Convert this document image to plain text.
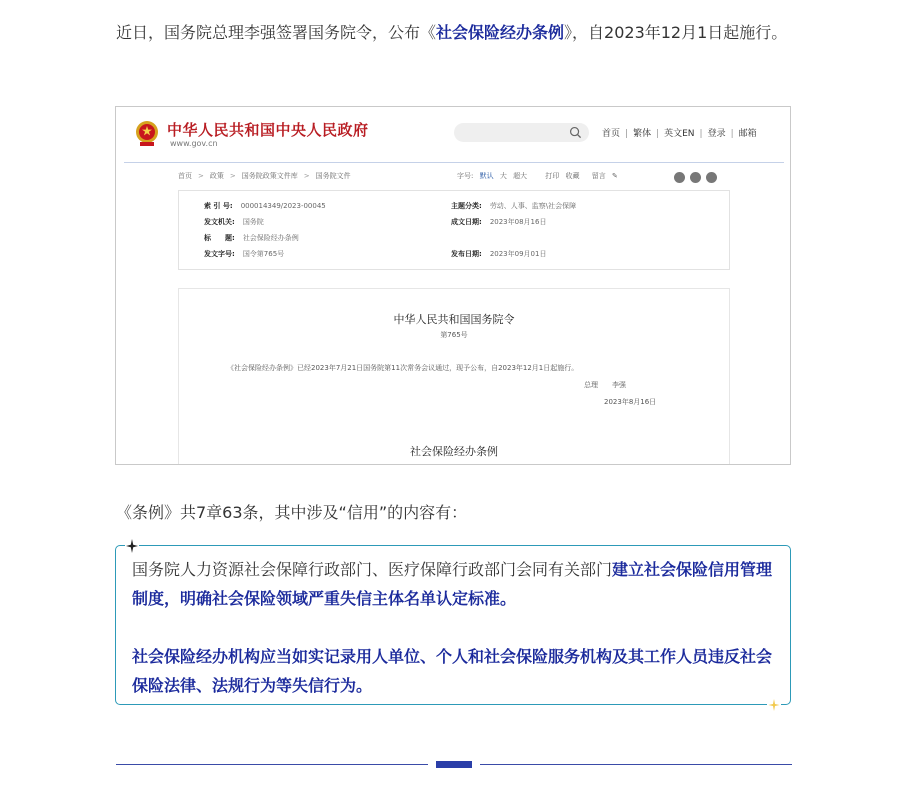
近日，国务院总理李强签署国务院令，公布《社会保险经办条例》，自2023年12月1日起施行。
中华人民共和国中央人民政府
www.gov.cn
首页 | 繁体 | 英文EN | 登录 | 邮箱
首页 > 政策 > 国务院政策文件库 > 国务院文件	字号: 默认 大 超大	打印 收藏 留言 ✎
索 引 号: 000014349/2023-00045	主题分类: 劳动、人事、监察\社会保障
发文机关: 国务院	成文日期: 2023年08月16日
标　　题: 社会保险经办条例
发文字号: 国令第765号	发布日期: 2023年09月01日
中华人民共和国国务院令
第765号
《社会保险经办条例》已经2023年7月21日国务院第11次常务会议通过，现予公布，自2023年12月1日起施行。
总理　　李强
2023年8月16日
社会保险经办条例
《条例》共7章63条，其中涉及“信用”的内容有：
国务院人力资源社会保障行政部门、医疗保障行政部门会同有关部门建立社会保险信用管理制度，明确社会保险领域严重失信主体名单认定标准。
社会保险经办机构应当如实记录用人单位、个人和社会保险服务机构及其工作人员违反社会保险法律、法规行为等失信行为。
